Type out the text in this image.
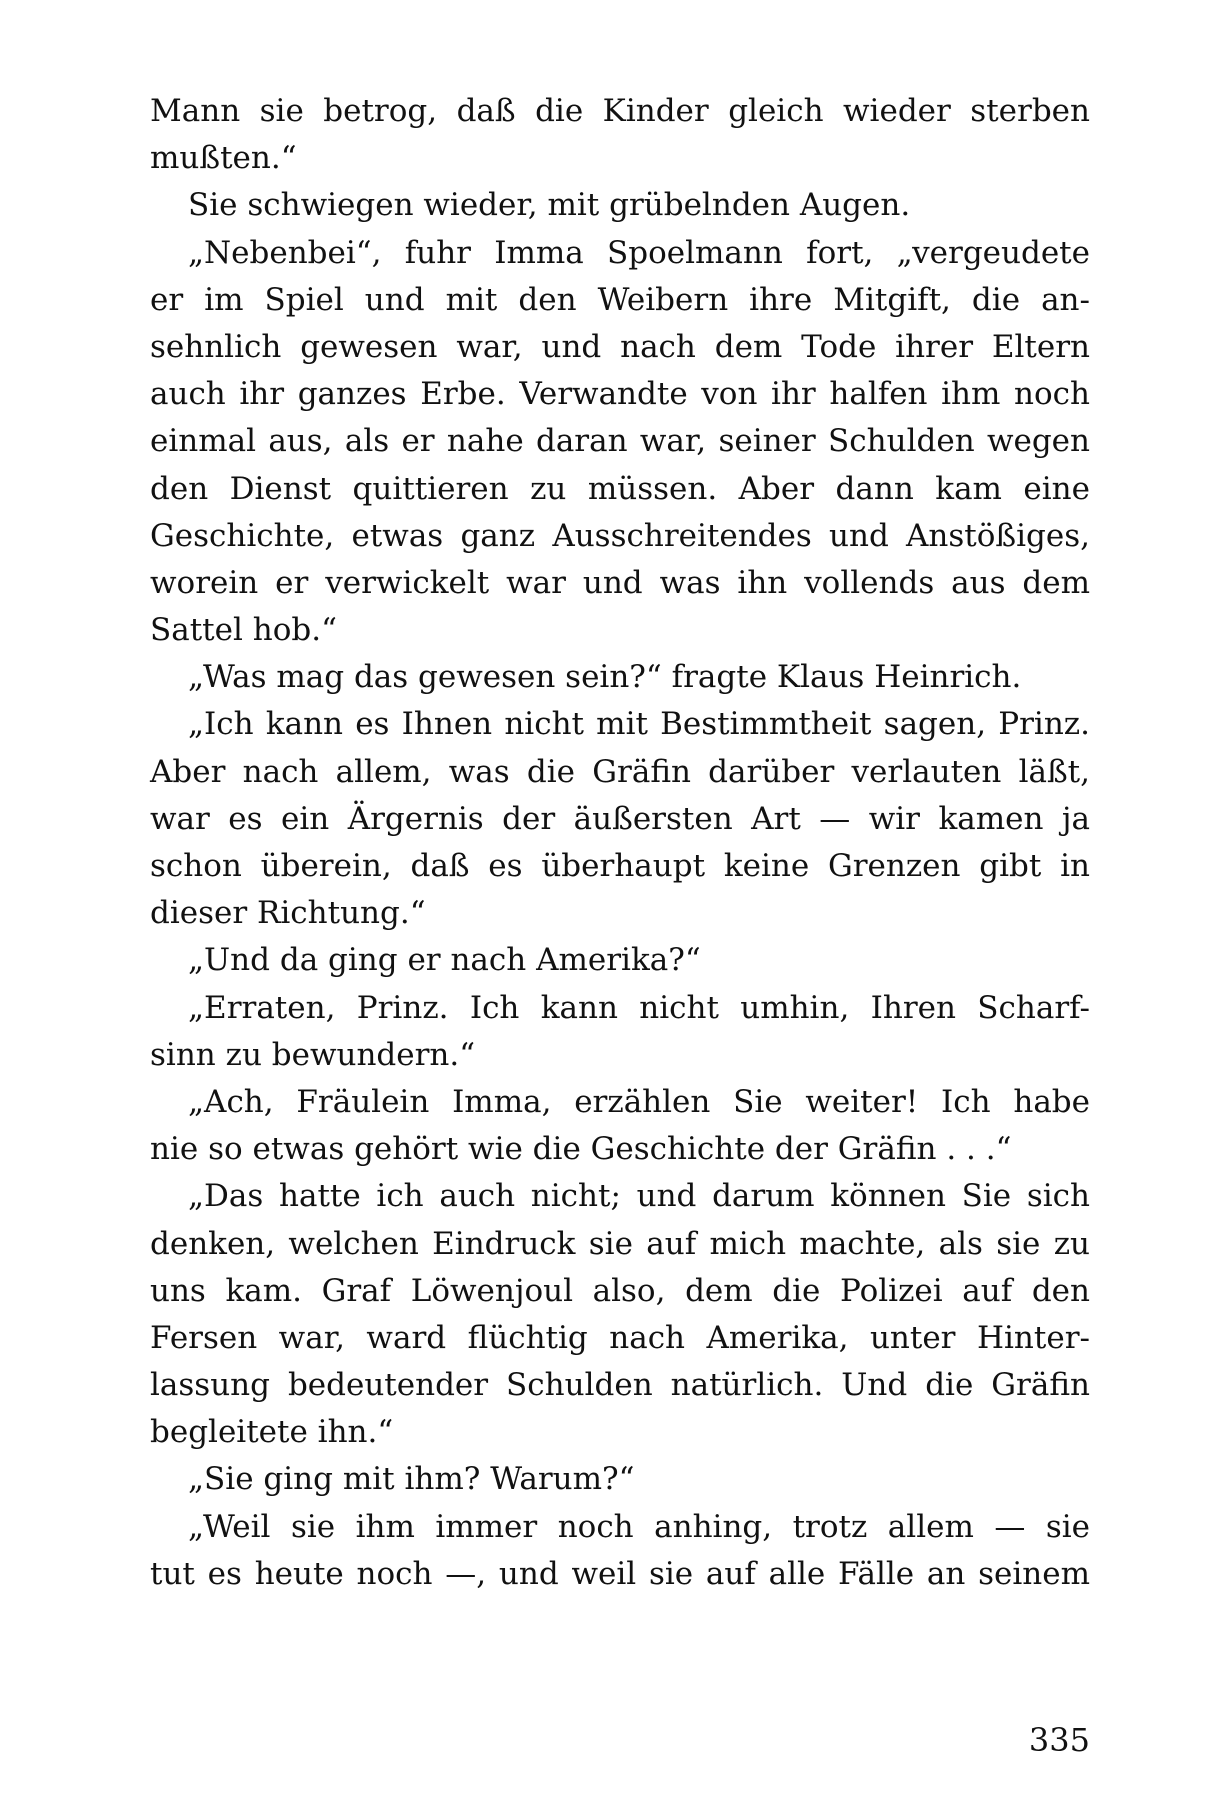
Mann sie betrog, daß die Kinder gleich wieder sterben
mußten.“
Sie schwiegen wieder, mit grübelnden Augen.
„Nebenbei“, fuhr Imma Spoelmann fort, „vergeudete
er im Spiel und mit den Weibern ihre Mitgift, die an-
sehnlich gewesen war, und nach dem Tode ihrer Eltern
auch ihr ganzes Erbe. Verwandte von ihr halfen ihm noch
einmal aus, als er nahe daran war, seiner Schulden wegen
den Dienst quittieren zu müssen. Aber dann kam eine
Geschichte, etwas ganz Ausschreitendes und Anstößiges,
worein er verwickelt war und was ihn vollends aus dem
Sattel hob.“
„Was mag das gewesen sein?“ fragte Klaus Heinrich.
„Ich kann es Ihnen nicht mit Bestimmtheit sagen, Prinz.
Aber nach allem, was die Gräfin darüber verlauten läßt,
war es ein Ärgernis der äußersten Art — wir kamen ja
schon überein, daß es überhaupt keine Grenzen gibt in
dieser Richtung.“
„Und da ging er nach Amerika?“
„Erraten, Prinz. Ich kann nicht umhin, Ihren Scharf-
sinn zu bewundern.“
„Ach, Fräulein Imma, erzählen Sie weiter! Ich habe
nie so etwas gehört wie die Geschichte der Gräfin . . .“
„Das hatte ich auch nicht; und darum können Sie sich
denken, welchen Eindruck sie auf mich machte, als sie zu
uns kam. Graf Löwenjoul also, dem die Polizei auf den
Fersen war, ward flüchtig nach Amerika, unter Hinter-
lassung bedeutender Schulden natürlich. Und die Gräfin
begleitete ihn.“
„Sie ging mit ihm? Warum?“
„Weil sie ihm immer noch anhing, trotz allem — sie
tut es heute noch —, und weil sie auf alle Fälle an seinem
335
